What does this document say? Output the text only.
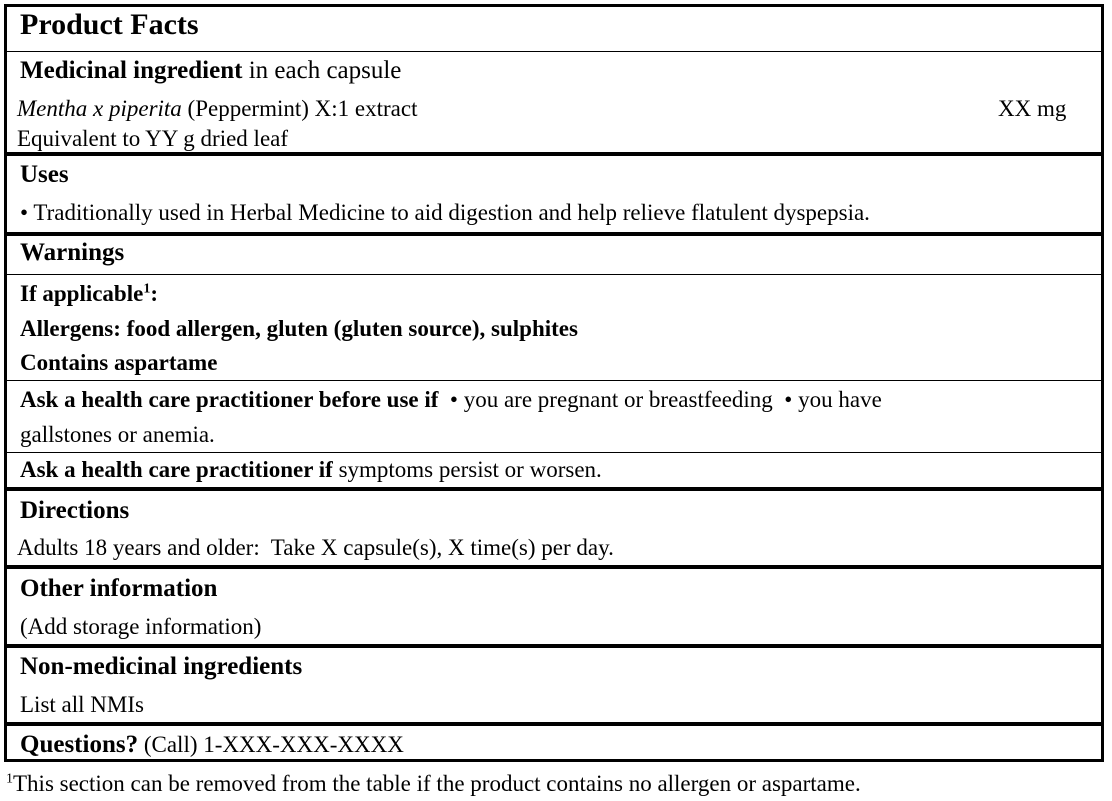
Product Facts
Medicinal ingredient in each capsule
Mentha x piperita (Peppermint) X:1 extract	XX mg
Equivalent to YY g dried leaf
Uses
• Traditionally used in Herbal Medicine to aid digestion and help relieve flatulent dyspepsia.
Warnings
If applicable$^1$:
Allergens: food allergen, gluten (gluten source), sulphites
Contains aspartame
Ask a health care practitioner before use if  • you are pregnant or breastfeeding  • you have
gallstones or anemia.
Ask a health care practitioner if symptoms persist or worsen.
Directions
Adults 18 years and older:  Take X capsule(s), X time(s) per day.
Other information
(Add storage information)
Non-medicinal ingredients
List all NMIs
Questions? (Call) 1-XXX-XXX-XXXX
$^1$This section can be removed from the table if the product contains no allergen or aspartame.
